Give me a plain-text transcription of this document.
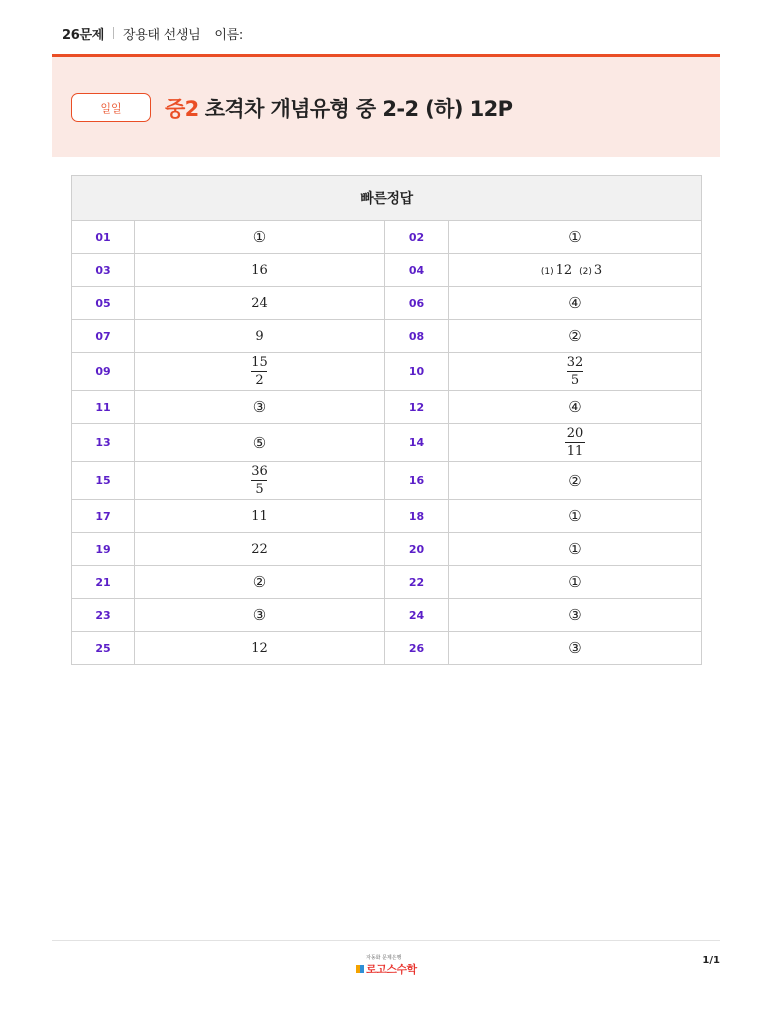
26문제 장용태 선생님 이름:
일일	중2 초격차 개념유형 중 2-2 (하) 12P
빠른정답			
01	①	02	①
03	16	04	(1) 12 (2) 3
05	24	06	④
07	9	08	②
09	$\frac{15}{2}$	10	$\frac{32}{5}$

11	③	12	④
13	⑤	14	$\frac{20}{11}$

15	$\frac{36}{5}$	16	②
17	11	18	①
19	22	20	①
21	②	22	①
23	③	24	③
25	12	26	③
자동화 문제은행
로고스수학
1/1
